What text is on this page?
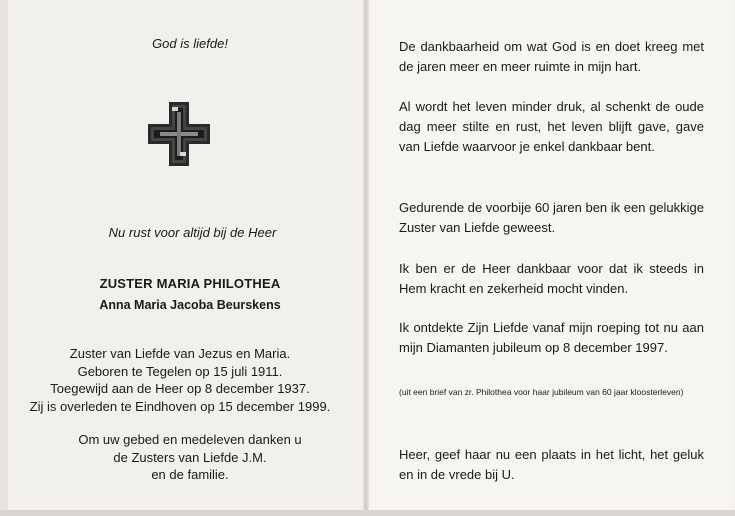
God is liefde!
Nu rust voor altijd bij de Heer
ZUSTER MARIA PHILOTHEA
Anna Maria Jacoba Beurskens
Zuster van Liefde van Jezus en Maria.
Geboren te Tegelen op 15 juli 1911.
Toegewijd aan de Heer op 8 december 1937.
Zij is overleden te Eindhoven op 15 december 1999.
Om uw gebed en medeleven danken u
de Zusters van Liefde J.M.
en de familie.
De dankbaarheid om wat God is en doet kreeg met de jaren meer en meer ruimte in mijn hart.
Al wordt het leven minder druk, al schenkt de oude dag meer stilte en rust, het leven blijft gave, gave van Liefde waarvoor je enkel dankbaar bent.
Gedurende de voorbije 60 jaren ben ik een gelukkige Zuster van Liefde geweest.
Ik ben er de Heer dankbaar voor dat ik steeds in Hem kracht en zekerheid mocht vinden.
Ik ontdekte Zijn Liefde vanaf mijn roeping tot nu aan mijn Diamanten jubileum op 8 december 1997.
(uit een brief van zr. Philothea voor haar jubileum van 60 jaar kloosterleven)
Heer, geef haar nu een plaats in het licht, het geluk en in de vrede bij U.
